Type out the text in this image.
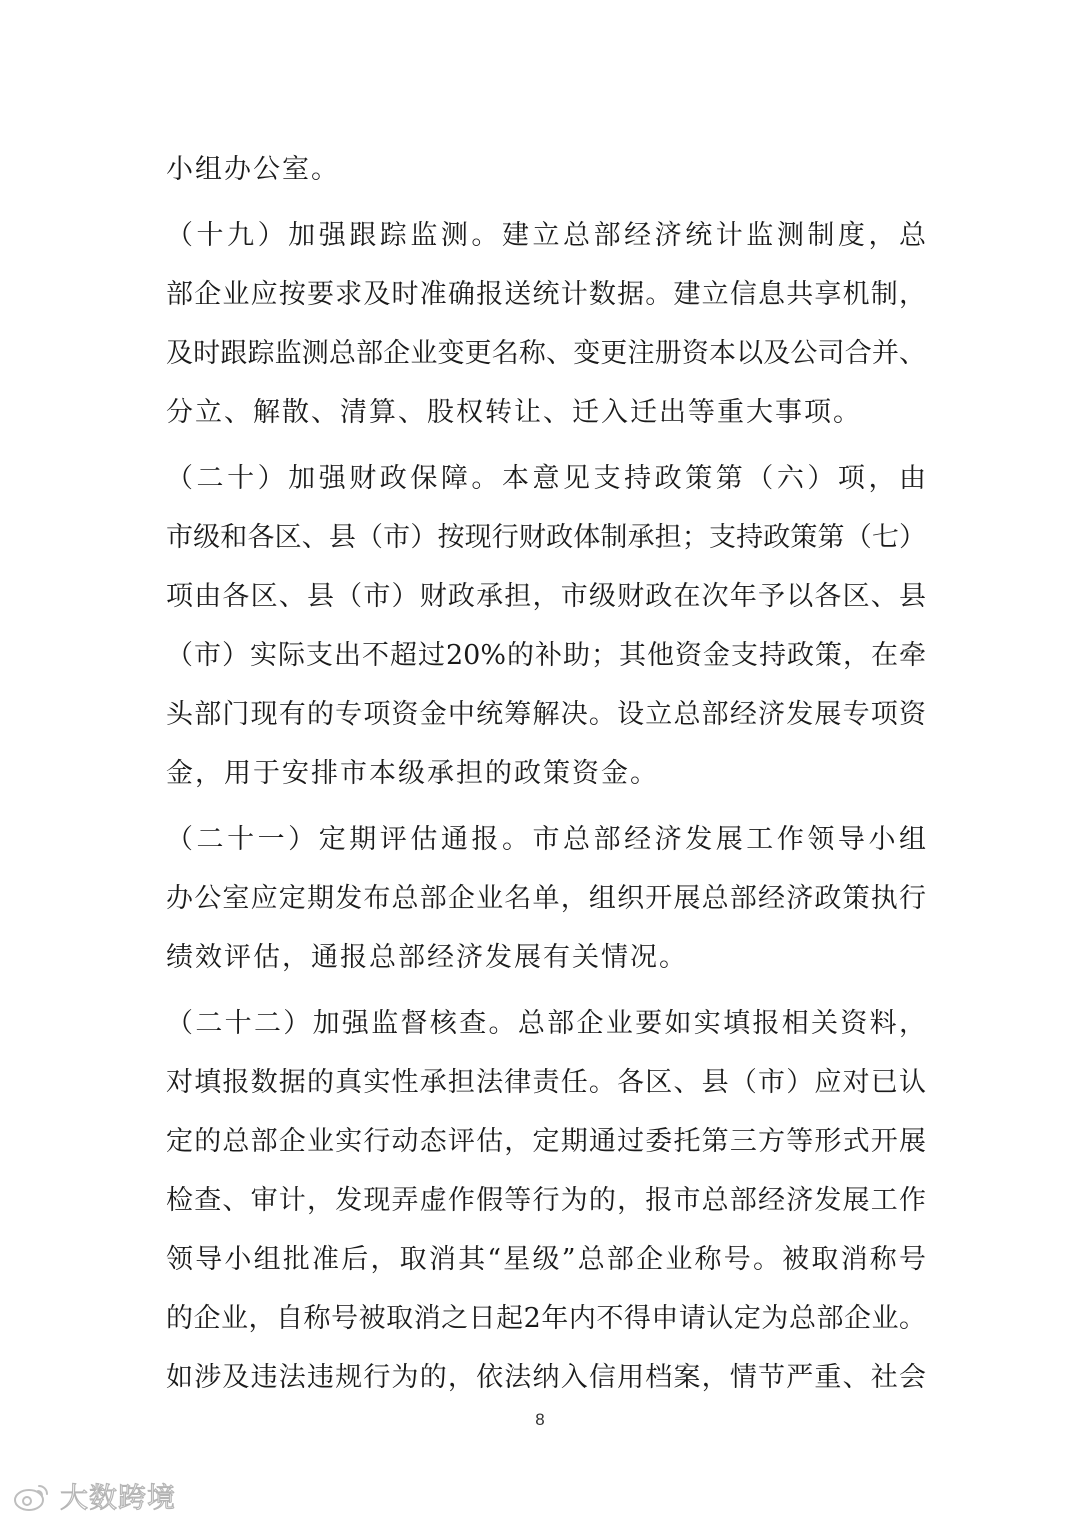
小组办公室。
（十九）加强跟踪监测。建立总部经济统计监测制度，总
部企业应按要求及时准确报送统计数据。建立信息共享机制，
及时跟踪监测总部企业变更名称、变更注册资本以及公司合并、
分立、解散、清算、股权转让、迁入迁出等重大事项。
（二十）加强财政保障。本意见支持政策第（六）项，由
市级和各区、县（市）按现行财政体制承担；支持政策第（七）
项由各区、县（市）财政承担，市级财政在次年予以各区、县
（市）实际支出不超过20%的补助；其他资金支持政策，在牵
头部门现有的专项资金中统筹解决。设立总部经济发展专项资
金，用于安排市本级承担的政策资金。
（二十一）定期评估通报。市总部经济发展工作领导小组
办公室应定期发布总部企业名单，组织开展总部经济政策执行
绩效评估，通报总部经济发展有关情况。
（二十二）加强监督核查。总部企业要如实填报相关资料，
对填报数据的真实性承担法律责任。各区、县（市）应对已认
定的总部企业实行动态评估，定期通过委托第三方等形式开展
检查、审计，发现弄虚作假等行为的，报市总部经济发展工作
领导小组批准后，取消其“星级”总部企业称号。被取消称号
的企业，自称号被取消之日起2年内不得申请认定为总部企业。
如涉及违法违规行为的，依法纳入信用档案，情节严重、社会
8
大数跨境
